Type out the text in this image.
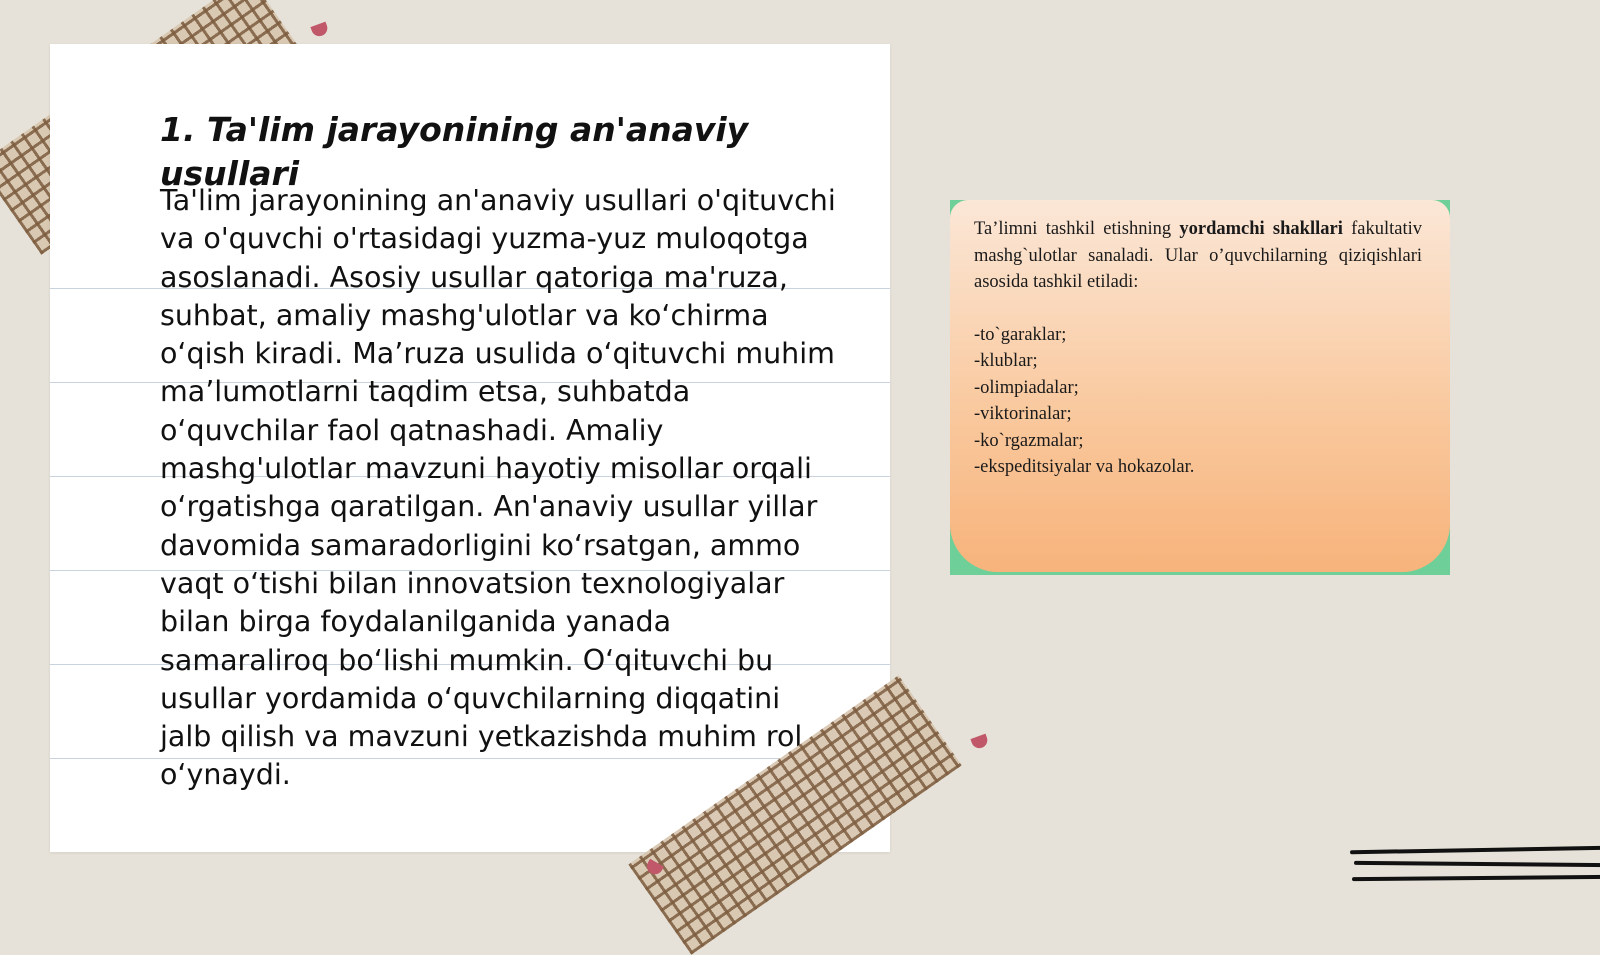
1. Ta'lim jarayonining an'anaviy usullari

Ta'lim jarayonining an'anaviy usullari o'qituvchi va o'quvchi o'rtasidagi yuzma-yuz muloqotga asoslanadi. Asosiy usullar qatoriga ma'ruza, suhbat, amaliy mashg'ulotlar va ko‘chirma o‘qish kiradi. Ma’ruza usulida o‘qituvchi muhim ma’lumotlarni taqdim etsa, suhbatda o‘quvchilar faol qatnashadi. Amaliy mashg'ulotlar mavzuni hayotiy misollar orqali o‘rgatishga qaratilgan. An'anaviy usullar yillar davomida samaradorligini ko‘rsatgan, ammo vaqt o‘tishi bilan innovatsion texnologiyalar bilan birga foydalanilganida yanada samaraliroq bo‘lishi mumkin. O‘qituvchi bu usullar yordamida o‘quvchilarning diqqatini jalb qilish va mavzuni yetkazishda muhim rol o‘ynaydi.

Ta’limni tashkil etishning yordamchi shakllari fakultativ mashg`ulotlar sanaladi. Ular o’quvchilarning qiziqishlari asosida tashkil etiladi:

-to`garaklar;
-klublar;
-olimpiadalar;
-viktorinalar;
-ko`rgazmalar;
-ekspeditsiyalar va hokazolar.
